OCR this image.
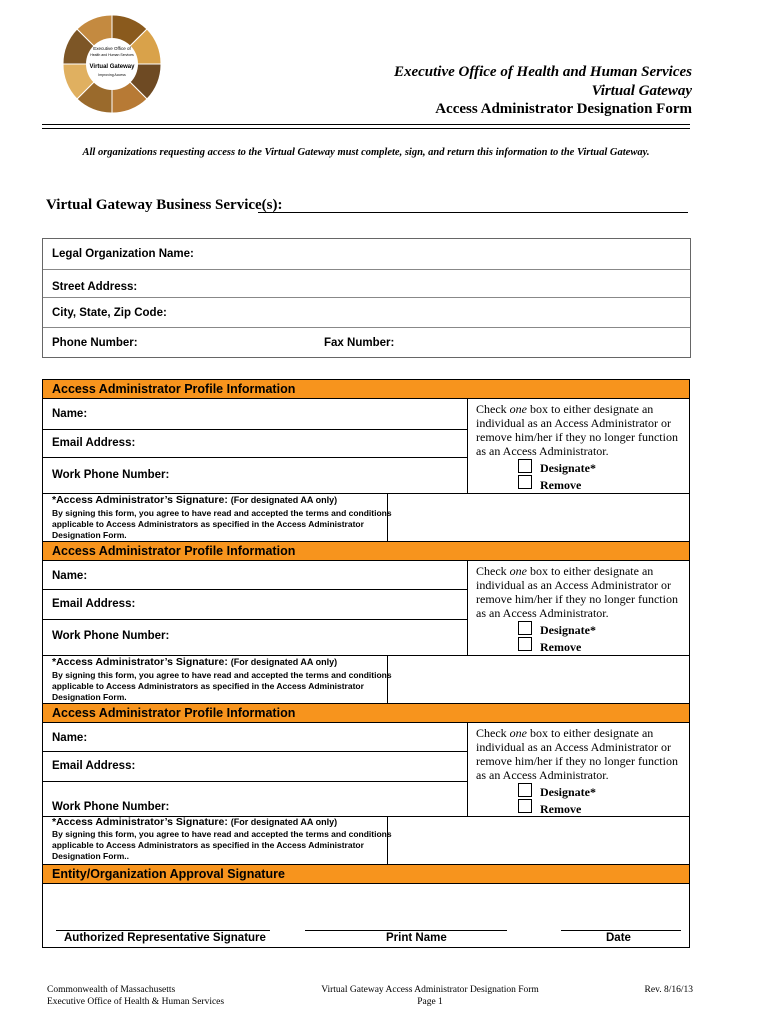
Executive Office of
Health and Human Services
Virtual Gateway
Improving Access	Executive Office of Health and Human Services
Virtual Gateway
Access Administrator Designation Form
All organizations requesting access to the Virtual Gateway must complete, sign, and return this information to the Virtual Gateway.
Virtual Gateway Business Service(s):
Legal Organization Name:
Street Address:
City, State, Zip Code:
Phone Number:	Fax Number:
Access Administrator Profile Information
Name:
Email Address:
Work Phone Number:
Check one box to either designate an individual as an Access Administrator or remove him/her if they no longer function as an Access Administrator.
Designate*
Remove
*Access Administrator’s Signature: (For designated AA only)
By signing this form, you agree to have read and accepted the terms and conditions applicable to Access Administrators as specified in the Access Administrator Designation Form.
Access Administrator Profile Information
Name:
Email Address:
Work Phone Number:
Check one box to either designate an individual as an Access Administrator or remove him/her if they no longer function as an Access Administrator.
Designate*
Remove
*Access Administrator’s Signature: (For designated AA only)
By signing this form, you agree to have read and accepted the terms and conditions applicable to Access Administrators as specified in the Access Administrator Designation Form.
Access Administrator Profile Information
Name:
Email Address:
Work Phone Number:
Check one box to either designate an individual as an Access Administrator or remove him/her if they no longer function as an Access Administrator.
Designate*
Remove
*Access Administrator’s Signature: (For designated AA only)
By signing this form, you agree to have read and accepted the terms and conditions applicable to Access Administrators as specified in the Access Administrator Designation Form..
Entity/Organization Approval Signature
Authorized Representative Signature	Print Name	Date
Commonwealth of Massachusetts
Executive Office of Health & Human Services
Virtual Gateway Access Administrator Designation Form
Page 1
Rev. 8/16/13
